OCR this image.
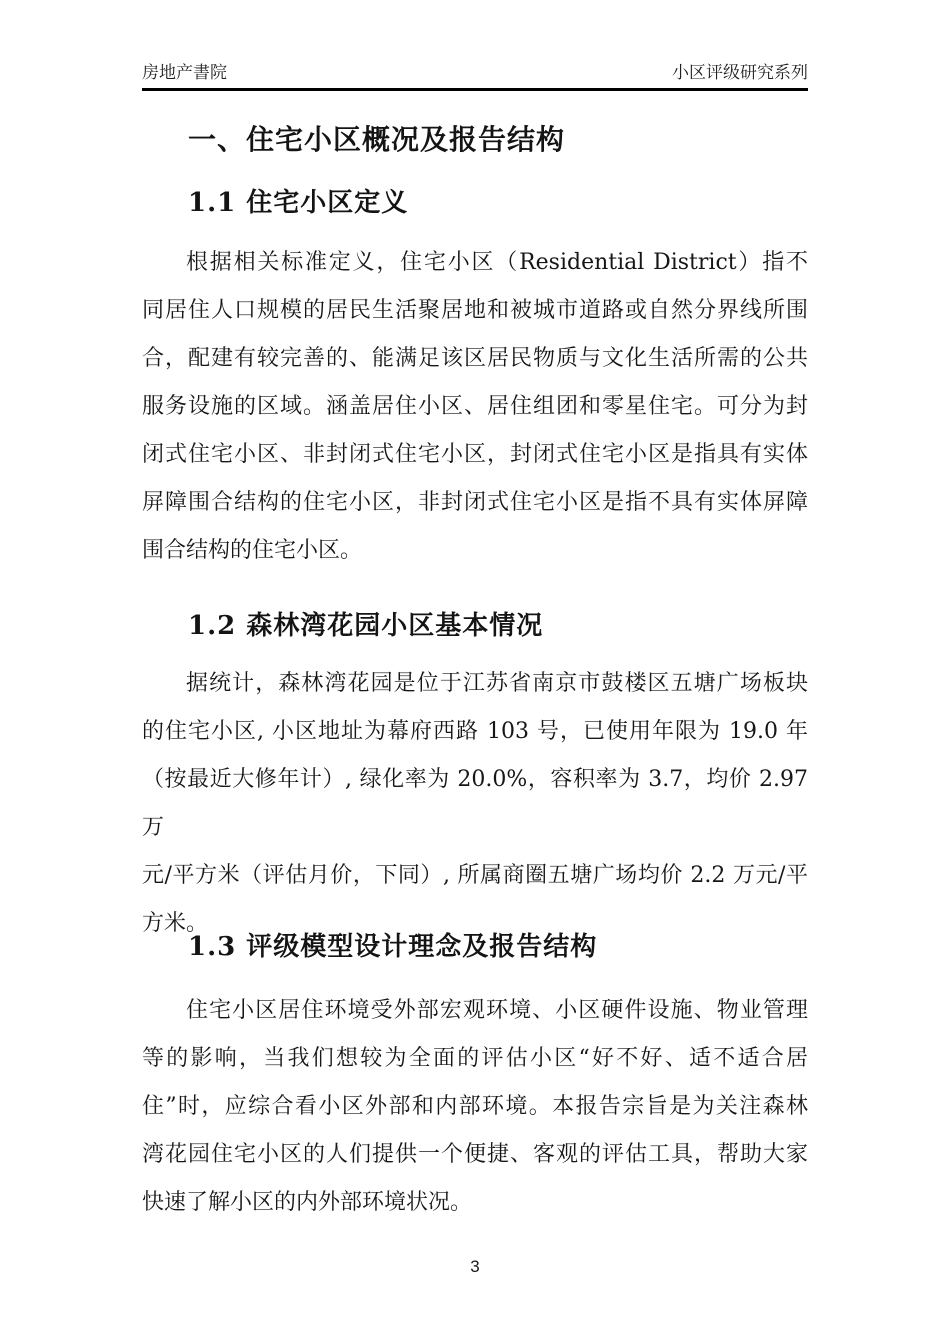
房地产書院	小区评级研究系列
一、住宅小区概况及报告结构
1.1 住宅小区定义
根据相关标准定义，住宅小区（Residential District）指不
同居住人口规模的居民生活聚居地和被城市道路或自然分界线所围
合，配建有较完善的、能满足该区居民物质与文化生活所需的公共
服务设施的区域。涵盖居住小区、居住组团和零星住宅。可分为封
闭式住宅小区、非封闭式住宅小区，封闭式住宅小区是指具有实体
屏障围合结构的住宅小区，非封闭式住宅小区是指不具有实体屏障
围合结构的住宅小区。
1.2 森林湾花园小区基本情况
据统计，森林湾花园是位于江苏省南京市鼓楼区五塘广场板块
的住宅小区, 小区地址为幕府西路 103 号，已使用年限为 19.0 年
（按最近大修年计）, 绿化率为 20.0%，容积率为 3.7，均价 2.97 万
元/平方米（评估月价，下同）, 所属商圈五塘广场均价 2.2 万元/平
方米。
1.3 评级模型设计理念及报告结构
住宅小区居住环境受外部宏观环境、小区硬件设施、物业管理
等的影响，当我们想较为全面的评估小区“好不好、适不适合居
住”时，应综合看小区外部和内部环境。本报告宗旨是为关注森林
湾花园住宅小区的人们提供一个便捷、客观的评估工具，帮助大家
快速了解小区的内外部环境状况。
3
